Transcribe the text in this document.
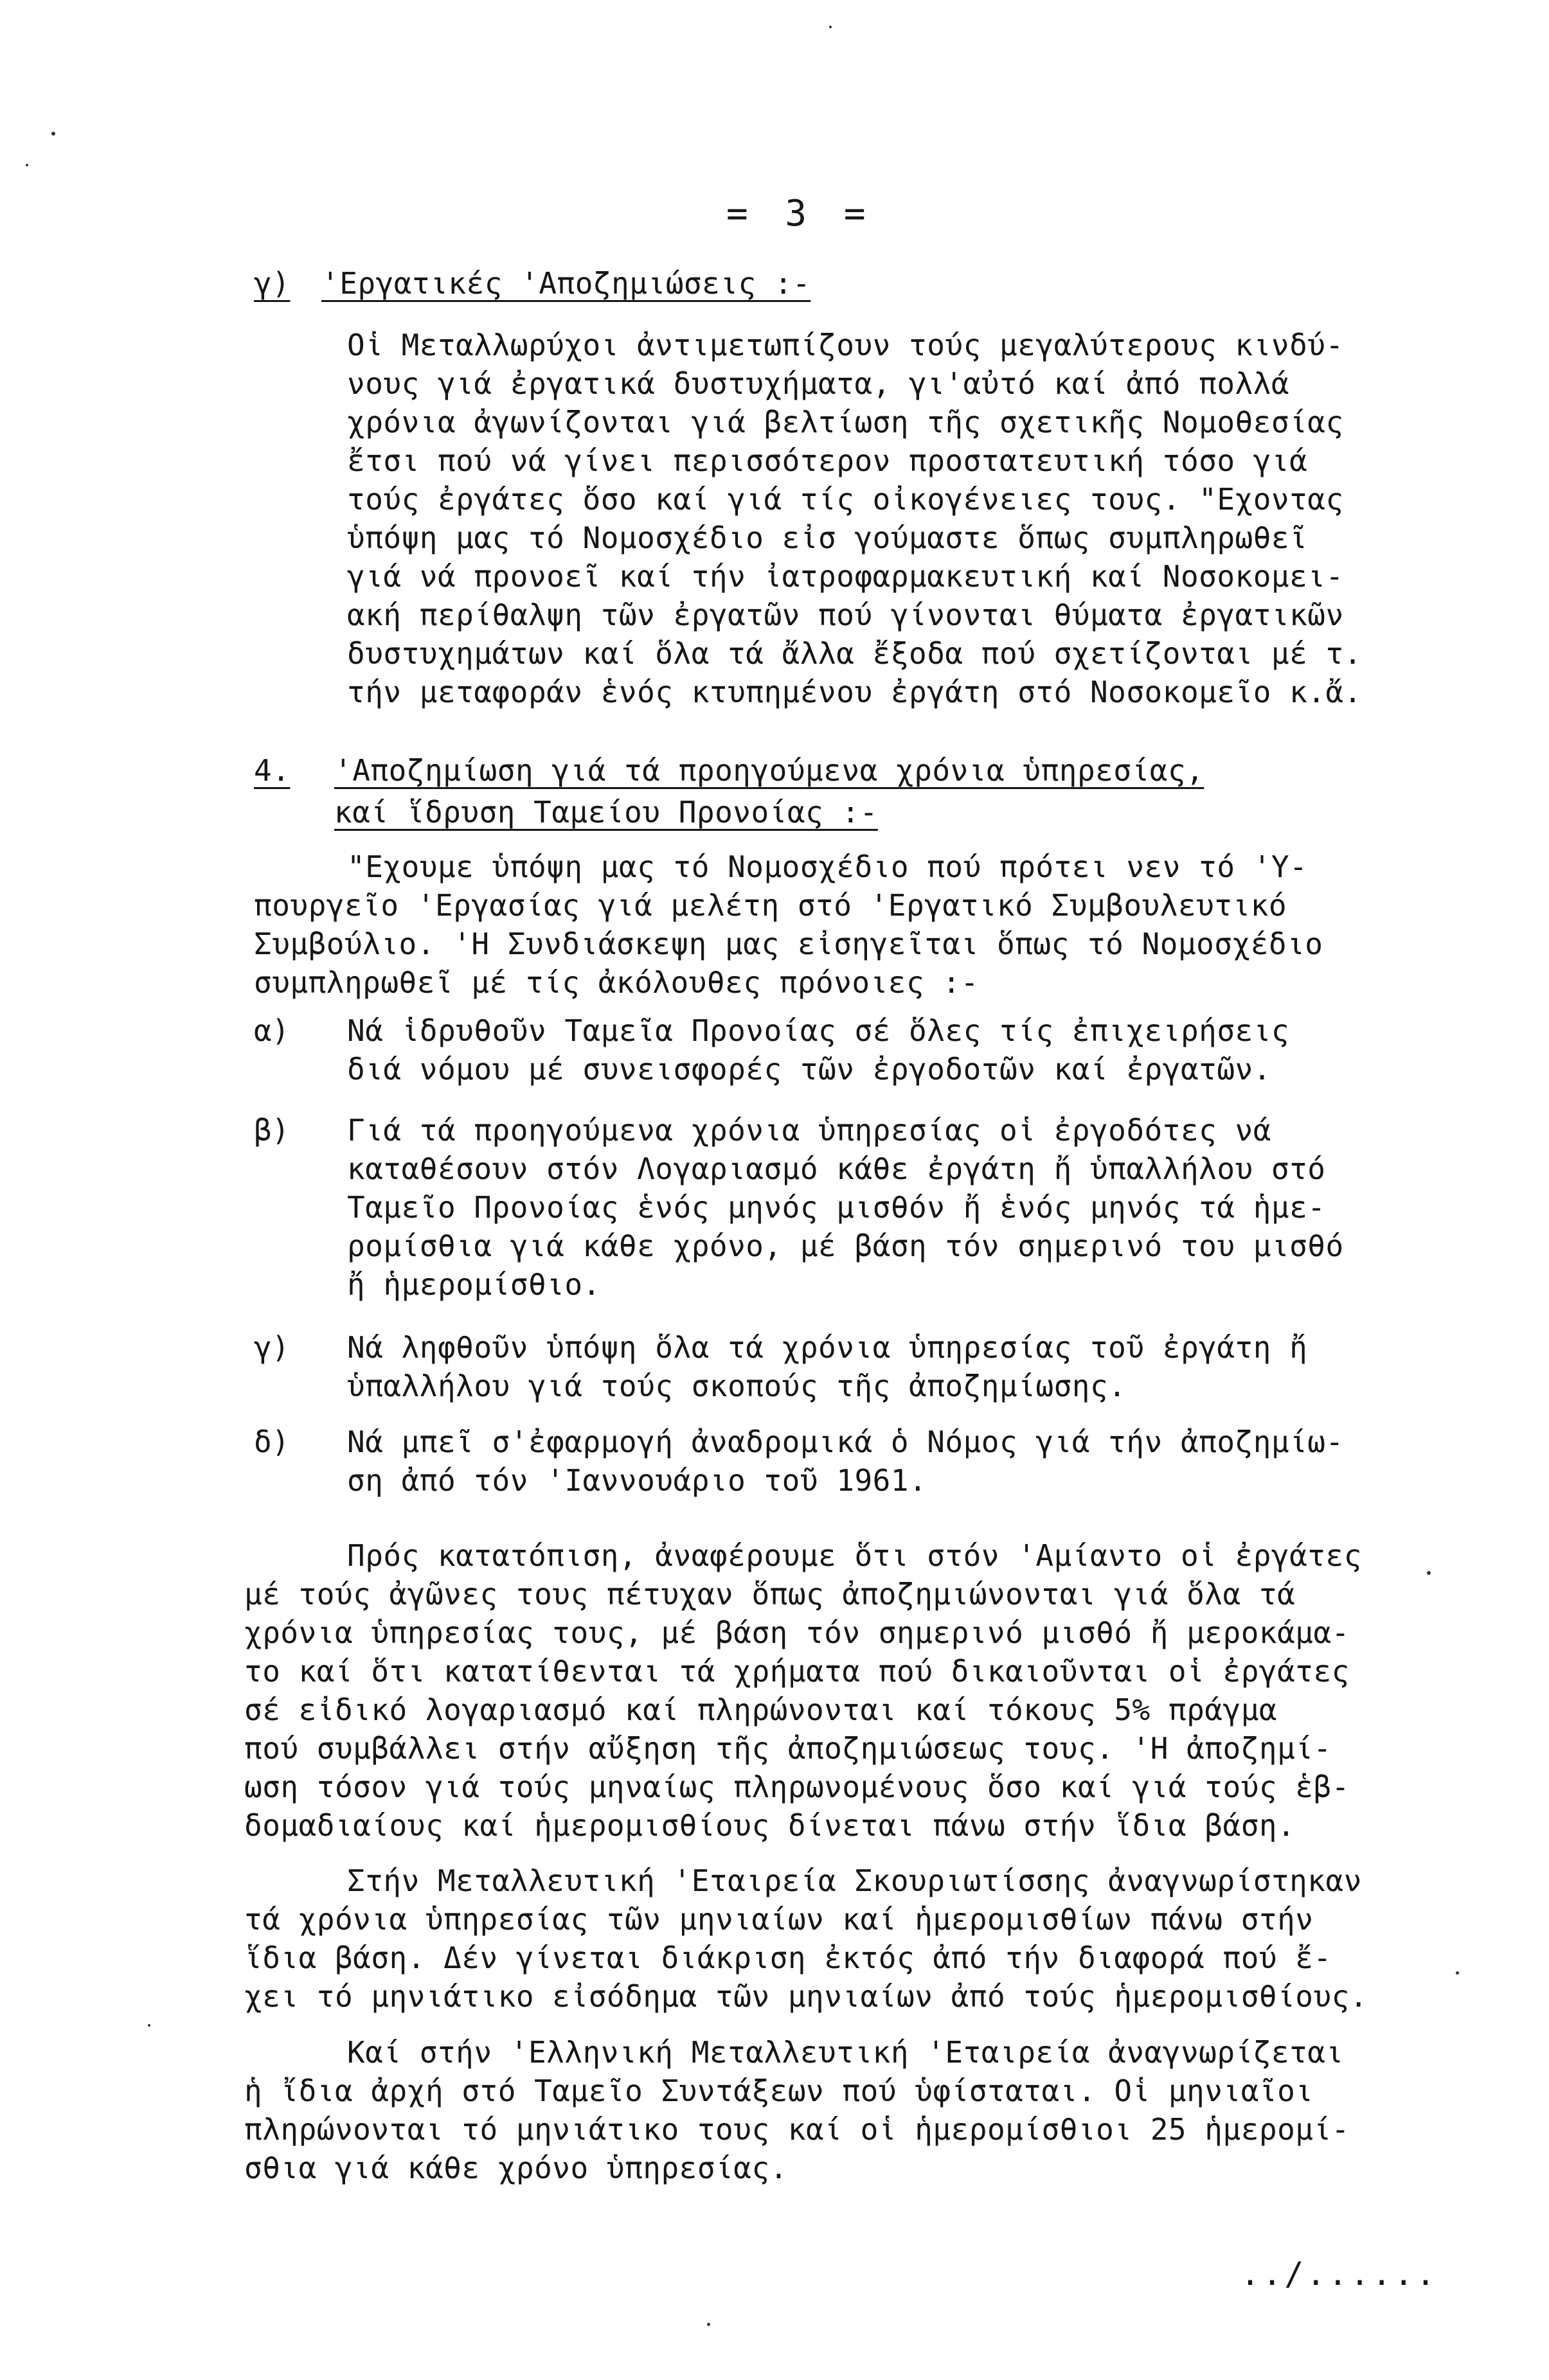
= 3 =
γ) 'Εργατικές 'Αποζημιώσεις :-
Οἱ Μεταλλωρύχοι ἀντιμετωπίζουν τούς μεγαλύτερους κινδύ-
νους γιά ἐργατικά δυστυχήματα, γι'αὐτό καί ἀπό πολλά
χρόνια ἀγωνίζονται γιά βελτίωση τῆς σχετικῆς Νομοθεσίας
ἔτσι πού νά γίνει περισσότερον προστατευτική τόσο γιά
τούς ἐργάτες ὅσο καί γιά τίς οἰκογένειες τους. "Εχοντας
ὑπόψη μας τό Νομοσχέδιο εἰσ γούμαστε ὅπως συμπληρωθεῖ
γιά νά προνοεῖ καί τήν ἰατροφαρμακευτική καί Νοσοκομει-
ακή περίθαλψη τῶν ἐργατῶν πού γίνονται θύματα ἐργατικῶν
δυστυχημάτων καί ὅλα τά ἄλλα ἔξοδα πού σχετίζονται μέ τ.
τήν μεταφοράν ἑνός κτυπημένου ἐργάτη στό Νοσοκομεῖο κ.ἄ.
4. 'Αποζημίωση γιά τά προηγούμενα χρόνια ὑπηρεσίας,
καί ἵδρυση Ταμείου Προνοίας :-
"Εχουμε ὑπόψη μας τό Νομοσχέδιο πού πρότει νεν τό 'Υ-
πουργεῖο 'Εργασίας γιά μελέτη στό 'Εργατικό Συμβουλευτικό
Συμβούλιο. 'Η Συνδιάσκεψη μας εἰσηγεῖται ὅπως τό Νομοσχέδιο
συμπληρωθεῖ μέ τίς ἀκόλουθες πρόνοιες :-
α) Νά ἱδρυθοῦν Ταμεῖα Προνοίας σέ ὅλες τίς ἐπιχειρήσεις
διά νόμου μέ συνεισφορές τῶν ἐργοδοτῶν καί ἐργατῶν.
β) Γιά τά προηγούμενα χρόνια ὑπηρεσίας οἱ ἐργοδότες νά
καταθέσουν στόν Λογαριασμό κάθε ἐργάτη ἤ ὑπαλλήλου στό
Ταμεῖο Προνοίας ἑνός μηνός μισθόν ἤ ἑνός μηνός τά ἡμε-
ρομίσθια γιά κάθε χρόνο, μέ βάση τόν σημερινό του μισθό
ἤ ἡμερομίσθιο.
γ) Νά ληφθοῦν ὑπόψη ὅλα τά χρόνια ὑπηρεσίας τοῦ ἐργάτη ἤ
ὑπαλλήλου γιά τούς σκοπούς τῆς ἀποζημίωσης.
δ) Νά μπεῖ σ'ἐφαρμογή ἀναδρομικά ὁ Νόμος γιά τήν ἀποζημίω-
ση ἀπό τόν 'Ιαννουάριο τοῦ 1961.
Πρός κατατόπιση, ἀναφέρουμε ὅτι στόν 'Αμίαντο οἱ ἐργάτες
μέ τούς ἀγῶνες τους πέτυχαν ὅπως ἀποζημιώνονται γιά ὅλα τά
χρόνια ὑπηρεσίας τους, μέ βάση τόν σημερινό μισθό ἤ μεροκάμα-
το καί ὅτι κατατίθενται τά χρήματα πού δικαιοῦνται οἱ ἐργάτες
σέ εἰδικό λογαριασμό καί πληρώνονται καί τόκους 5% πράγμα
πού συμβάλλει στήν αὔξηση τῆς ἀποζημιώσεως τους. 'Η ἀποζημί-
ωση τόσον γιά τούς μηναίως πληρωνομένους ὅσο καί γιά τούς ἑβ-
δομαδιαίους καί ἡμερομισθίους δίνεται πάνω στήν ἵδια βάση.
Στήν Μεταλλευτική 'Εταιρεία Σκουριωτίσσης ἀναγνωρίστηκαν
τά χρόνια ὑπηρεσίας τῶν μηνιαίων καί ἡμερομισθίων πάνω στήν
ἵδια βάση. Δέν γίνεται διάκριση ἐκτός ἀπό τήν διαφορά πού ἔ-
χει τό μηνιάτικο εἰσόδημα τῶν μηνιαίων ἀπό τούς ἡμερομισθίους.
Καί στήν 'Ελληνική Μεταλλευτική 'Εταιρεία ἀναγνωρίζεται
ἡ ἴδια ἀρχή στό Ταμεῖο Συντάξεων πού ὑφίσταται. Οἱ μηνιαῖοι
πληρώνονται τό μηνιάτικο τους καί οἱ ἡμερομίσθιοι 25 ἡμερομί-
σθια γιά κάθε χρόνο ὑπηρεσίας.
../......
